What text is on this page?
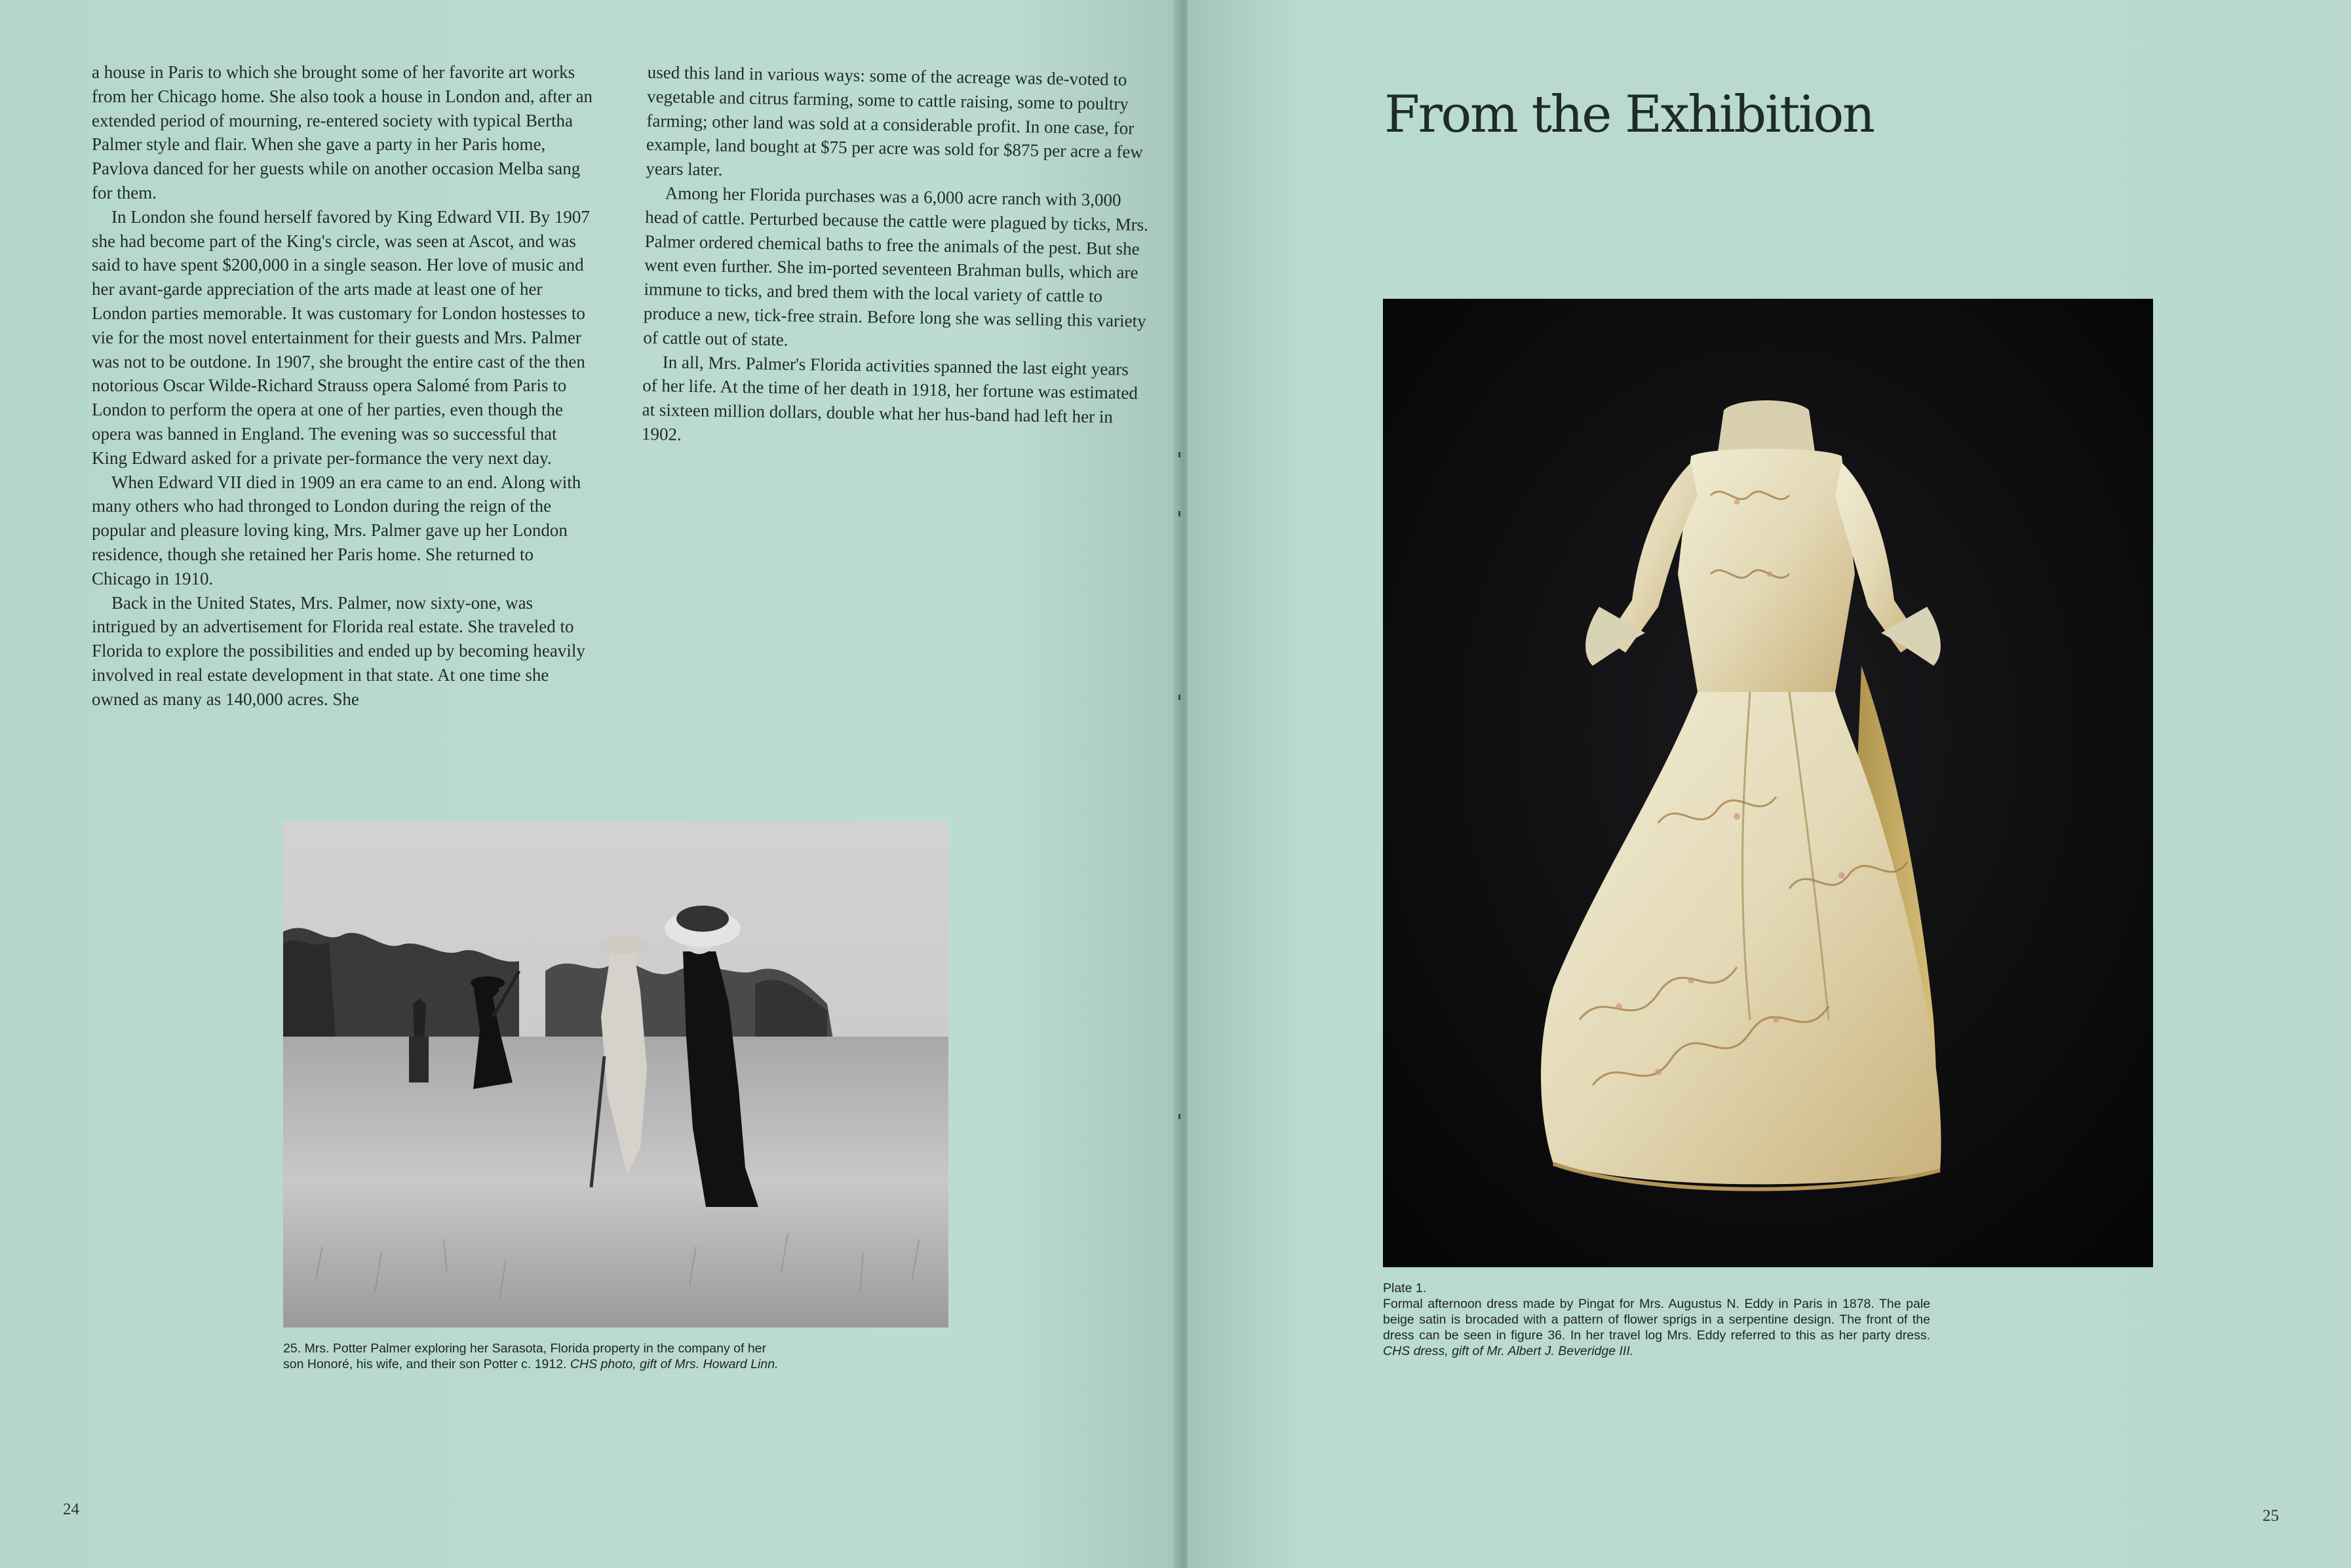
a house in Paris to which she brought some of her favorite art works from her Chicago home. She also took a house in London and, after an extended period of mourning, re-entered society with typical Bertha Palmer style and flair. When she gave a party in her Paris home, Pavlova danced for her guests while on another occasion Melba sang for them.

In London she found herself favored by King Edward VII. By 1907 she had become part of the King's circle, was seen at Ascot, and was said to have spent $200,000 in a single season. Her love of music and her avant-garde appreciation of the arts made at least one of her London parties memorable. It was customary for London hostesses to vie for the most novel entertainment for their guests and Mrs. Palmer was not to be outdone. In 1907, she brought the entire cast of the then notorious Oscar Wilde-Richard Strauss opera Salomé from Paris to London to perform the opera at one of her parties, even though the opera was banned in England. The evening was so successful that King Edward asked for a private per-formance the very next day.

When Edward VII died in 1909 an era came to an end. Along with many others who had thronged to London during the reign of the popular and pleasure loving king, Mrs. Palmer gave up her London residence, though she retained her Paris home. She returned to Chicago in 1910.

Back in the United States, Mrs. Palmer, now sixty-one, was intrigued by an advertisement for Florida real estate. She traveled to Florida to explore the possibilities and ended up by becoming heavily involved in real estate development in that state. At one time she owned as many as 140,000 acres. She

used this land in various ways: some of the acreage was de-voted to vegetable and citrus farming, some to cattle raising, some to poultry farming; other land was sold at a considerable profit. In one case, for example, land bought at $75 per acre was sold for $875 per acre a few years later.

Among her Florida purchases was a 6,000 acre ranch with 3,000 head of cattle. Perturbed because the cattle were plagued by ticks, Mrs. Palmer ordered chemical baths to free the animals of the pest. But she went even further. She im-ported seventeen Brahman bulls, which are immune to ticks, and bred them with the local variety of cattle to produce a new, tick-free strain. Before long she was selling this variety of cattle out of state.

In all, Mrs. Palmer's Florida activities spanned the last eight years of her life. At the time of her death in 1918, her fortune was estimated at sixteen million dollars, double what her hus-band had left her in 1902.

25. Mrs. Potter Palmer exploring her Sarasota, Florida property in the company of her son Honoré, his wife, and their son Potter c. 1912. CHS photo, gift of Mrs. Howard Linn.
24
From the Exhibition
Plate 1.
Formal afternoon dress made by Pingat for Mrs. Augustus N. Eddy in Paris in 1878. The pale beige satin is brocaded with a pattern of flower sprigs in a serpentine design. The front of the dress can be seen in figure 36. In her travel log Mrs. Eddy referred to this as her party dress. CHS dress, gift of Mr. Albert J. Beveridge III.
25
